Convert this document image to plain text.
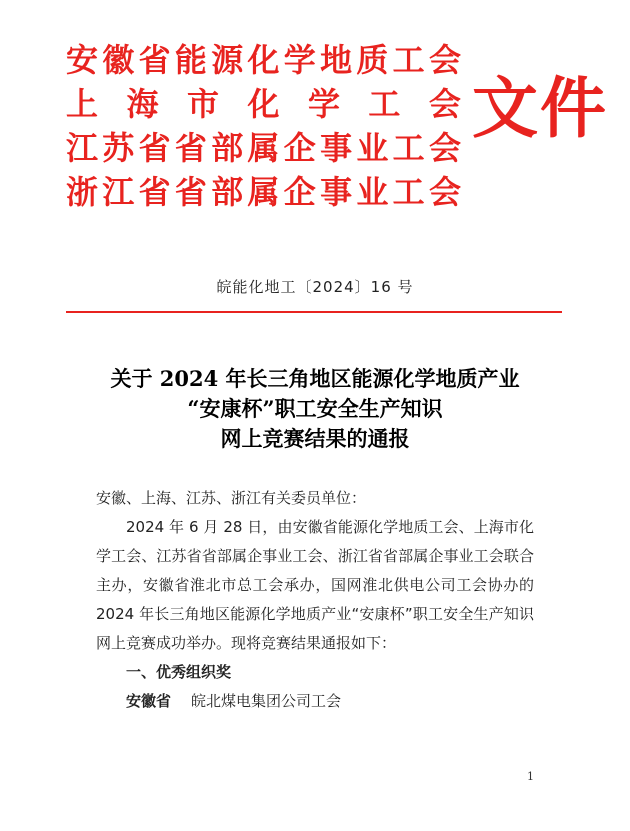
安 徽 省 能 源 化 学 地 质 工 会
上 海 市 化 学 工 会
江 苏 省 省 部 属 企 事 业 工 会
浙 江 省 省 部 属 企 事 业 工 会
文件
皖能化地工〔2024〕16 号
关于 2024 年长三角地区能源化学地质产业
“安康杯”职工安全生产知识
网上竞赛结果的通报

安徽、上海、江苏、浙江有关委员单位：

2024 年 6 月 28 日，由安徽省能源化学地质工会、上海市化学工会、江苏省省部属企事业工会、浙江省省部属企事业工会联合主办，安徽省淮北市总工会承办，国网淮北供电公司工会协办的 2024 年长三角地区能源化学地质产业“安康杯”职工安全生产知识网上竞赛成功举办。现将竞赛结果通报如下：

一、优秀组织奖

安徽省 皖北煤电集团公司工会

1
